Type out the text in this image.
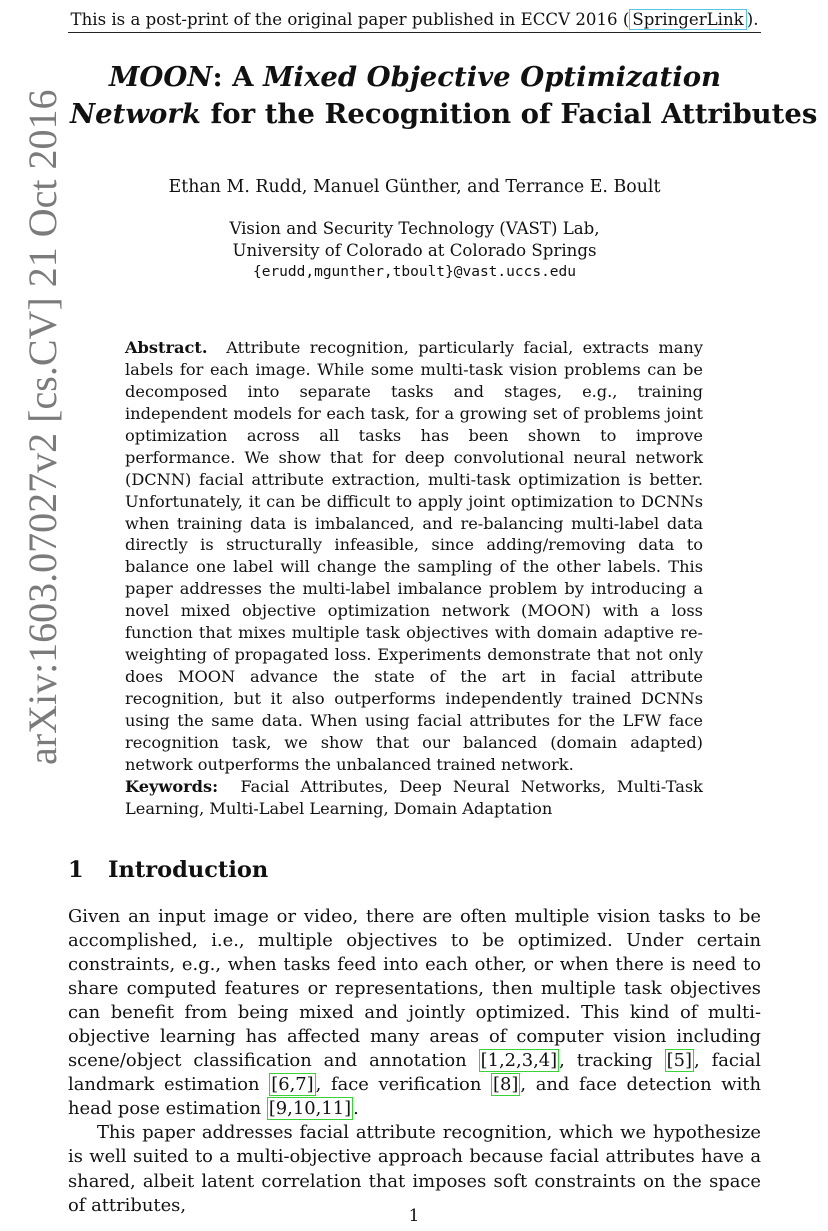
This is a post-print of the original paper published in ECCV 2016 ( SpringerLink ).
arXiv:1603.07027v2 [cs.CV] 21 Oct 2016
MOON: A Mixed Objective Optimization
Network for the Recognition of Facial Attributes
Ethan M. Rudd, Manuel Günther, and Terrance E. Boult
Vision and Security Technology (VAST) Lab,
University of Colorado at Colorado Springs
{erudd,mgunther,tboult}@vast.uccs.edu
Abstract. Attribute recognition, particularly facial, extracts many labels for each image. While some multi-task vision problems can be decomposed into separate tasks and stages, e.g., training independent models for each task, for a growing set of problems joint optimization across all tasks has been shown to improve performance. We show that for deep convolutional neural network (DCNN) facial attribute extraction, multi-task optimization is better. Unfortunately, it can be difficult to apply joint optimization to DCNNs when training data is imbalanced, and re-balancing multi-label data directly is structurally infeasible, since adding/removing data to balance one label will change the sampling of the other labels. This paper addresses the multi-label imbalance problem by introducing a novel mixed objective optimization network (MOON) with a loss function that mixes multiple task objectives with domain adaptive re-weighting of propagated loss. Experiments demonstrate that not only does MOON advance the state of the art in facial attribute recognition, but it also outperforms independently trained DCNNs using the same data. When using facial attributes for the LFW face recognition task, we show that our balanced (domain adapted) network outperforms the unbalanced trained network.
Keywords: Facial Attributes, Deep Neural Networks, Multi-Task Learning, Multi-Label Learning, Domain Adaptation
1 Introduction

Given an input image or video, there are often multiple vision tasks to be accomplished, i.e., multiple objectives to be optimized. Under certain constraints, e.g., when tasks feed into each other, or when there is need to share computed features or representations, then multiple task objectives can benefit from being mixed and jointly optimized. This kind of multi-objective learning has affected many areas of computer vision including scene/object classification and annotation [1,2,3,4] , tracking [5] , facial landmark estimation [6,7] , face verification [8] , and face detection with head pose estimation [9,10,11] .

This paper addresses facial attribute recognition, which we hypothesize is well suited to a multi-objective approach because facial attributes have a shared, albeit latent correlation that imposes soft constraints on the space of attributes,

1
